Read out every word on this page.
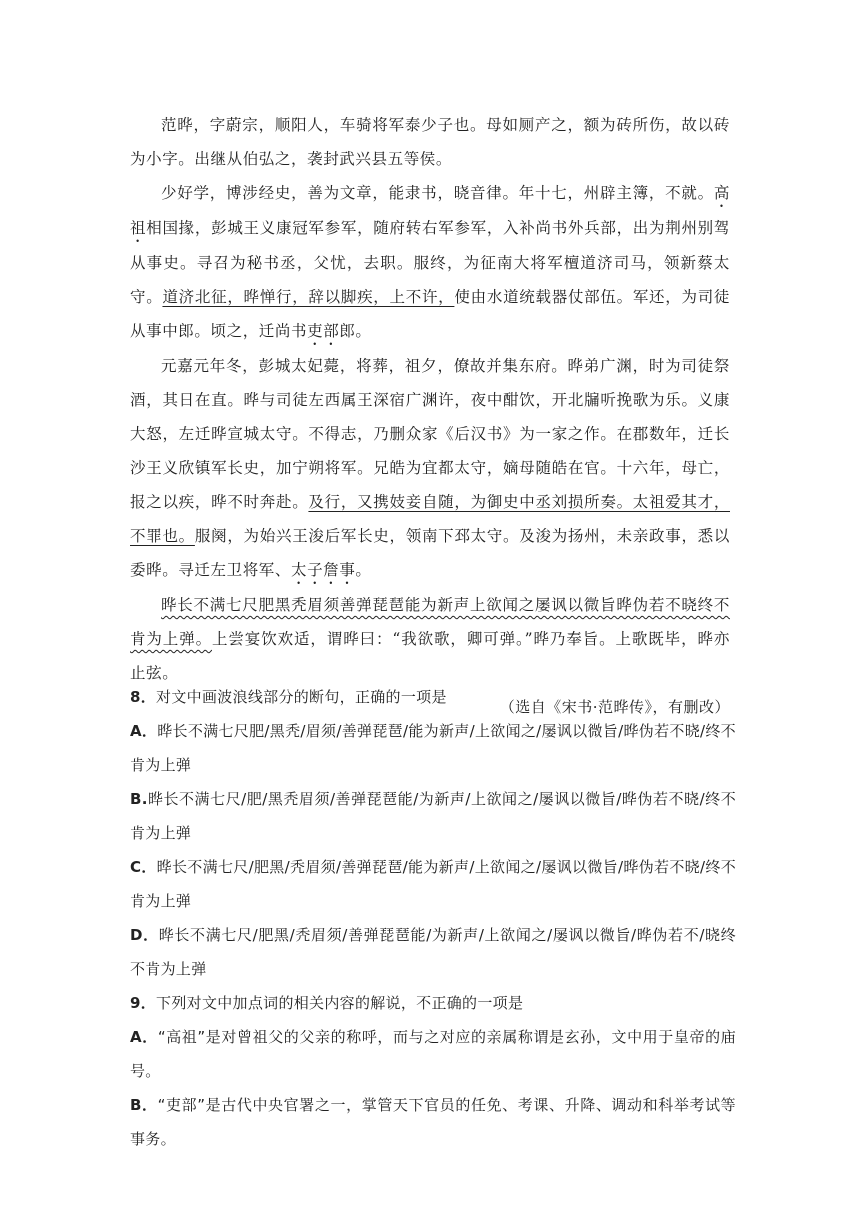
范晔，字蔚宗，顺阳人，车骑将军泰少子也。母如厕产之，额为砖所伤，故以砖为小字。出继从伯弘之，袭封武兴县五等侯。

少好学，博涉经史，善为文章，能隶书，晓音律。年十七，州辟主簿，不就。高祖相国掾，彭城王义康冠军参军，随府转右军参军，入补尚书外兵部，出为荆州别驾从事史。寻召为秘书丞，父忧，去职。服终，为征南大将军檀道济司马，领新蔡太守。道济北征，晔惮行，辞以脚疾，上不许，使由水道统载器仗部伍。军还，为司徒从事中郎。顷之，迁尚书吏部郎。

元嘉元年冬，彭城太妃薨，将葬，祖夕，僚故并集东府。晔弟广渊，时为司徒祭酒，其日在直。晔与司徒左西属王深宿广渊许，夜中酣饮，开北牖听挽歌为乐。义康大怒，左迁晔宣城太守。不得志，乃删众家《后汉书》为一家之作。在郡数年，迁长沙王义欣镇军长史，加宁朔将军。兄皓为宜都太守，嫡母随皓在官。十六年，母亡，报之以疾，晔不时奔赴。及行，又携妓妾自随，为御史中丞刘损所奏。太祖爱其才，不罪也。服阕，为始兴王浚后军长史，领南下邳太守。及浚为扬州，未亲政事，悉以委晔。寻迁左卫将军、太子詹事。

晔长不满七尺肥黑秃眉须善弹琵琶能为新声上欲闻之屡讽以微旨晔伪若不晓终不肯为上弹。上尝宴饮欢适，谓晔曰：“我欲歌，卿可弹。”晔乃奉旨。上歌既毕，晔亦止弦。

（选自《宋书·范晔传》，有删改）

8．对文中画波浪线部分的断句，正确的一项是

A．晔长不满七尺肥/黑秃/眉须/善弹琵琶/能为新声/上欲闻之/屡讽以微旨/晔伪若不晓/终不肯为上弹

B.晔长不满七尺/肥/黑秃眉须/善弹琵琶能/为新声/上欲闻之/屡讽以微旨/晔伪若不晓/终不肯为上弹

C．晔长不满七尺/肥黑/秃眉须/善弹琵琶/能为新声/上欲闻之/屡讽以微旨/晔伪若不晓/终不肯为上弹

D．晔长不满七尺/肥黑/秃眉须/善弹琵琶能/为新声/上欲闻之/屡讽以微旨/晔伪若不/晓终不肯为上弹

9．下列对文中加点词的相关内容的解说，不正确的一项是

A．“高祖”是对曾祖父的父亲的称呼，而与之对应的亲属称谓是玄孙，文中用于皇帝的庙号。

B．“吏部”是古代中央官署之一，掌管天下官员的任免、考课、升降、调动和科举考试等事务。
